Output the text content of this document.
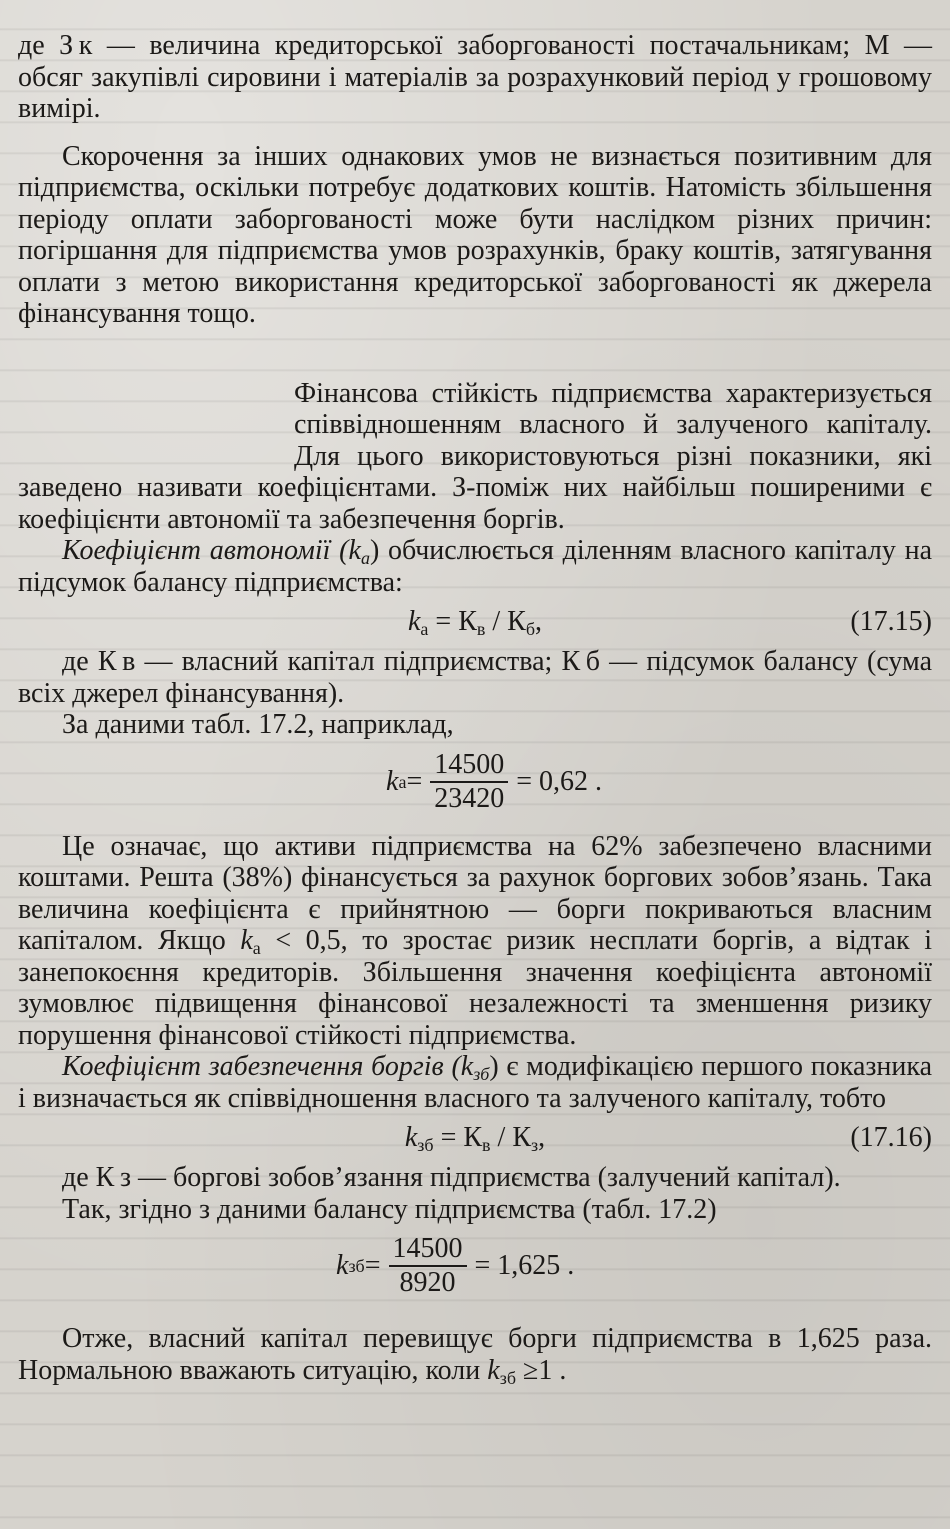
де З к — величина кредиторської заборгованості постачальникам; М — обсяг закупівлі сировини і матеріалів за розрахунковий період у грошовому вимірі.

Скорочення за інших однакових умов не визнається позитивним для підприємства, оскільки потребує додаткових коштів. Натомість збільшення періоду оплати заборгованості може бути наслідком різних причин: погіршання для підприємства умов розрахунків, браку коштів, затягування оплати з метою використання кредиторської заборгованості як джерела фінансування тощо.

Фінансова стійкість підприємства характеризується співвідношенням власного й залученого капіталу. Для цього використовуються різні показники, які заведено називати коефіцієнтами. З-поміж них найбільш поширеними є коефіцієнти автономії та забезпечення боргів.

Коефіцієнт автономії $(k_а)$ обчислюється діленням власного капіталу на підсумок балансу підприємства:

$k_а = К_в / К_б$,	(17.15)

де К в — власний капітал підприємства; К б — підсумок балансу (сума всіх джерел фінансування).

За даними табл. 17.2, наприклад,

k $а = \frac{14500}{23420} = 0,62$ .

Це означає, що активи підприємства на 62% забезпечено власними коштами. Решта (38%) фінансується за рахунок боргових зобов’язань. Така величина коефіцієнта є прийнятною — борги покриваються власним капіталом. Якщо $k_а < 0,5$, то зростає ризик несплати боргів, а відтак і занепокоєння кредиторів. Збільшення значення коефіцієнта автономії зумовлює підвищення фінансової незалежності та зменшення ризику порушення фінансової стійкості підприємства.

Коефіцієнт забезпечення боргів $(k_{зб})$ є модифікацією першого показника і визначається як співвідношення власного та залученого капіталу, тобто

$k_{зб} = К_в / К_з$,	(17.16)

де К з — боргові зобов’язання підприємства (залучений капітал).

Так, згідно з даними балансу підприємства (табл. 17.2)

k зб = $\frac{14500}{8920} = 1,625$ .

Отже, власний капітал перевищує борги підприємства в 1,625 раза. Нормальною вважають ситуацію, коли $k_{зб} \ge 1$ .
